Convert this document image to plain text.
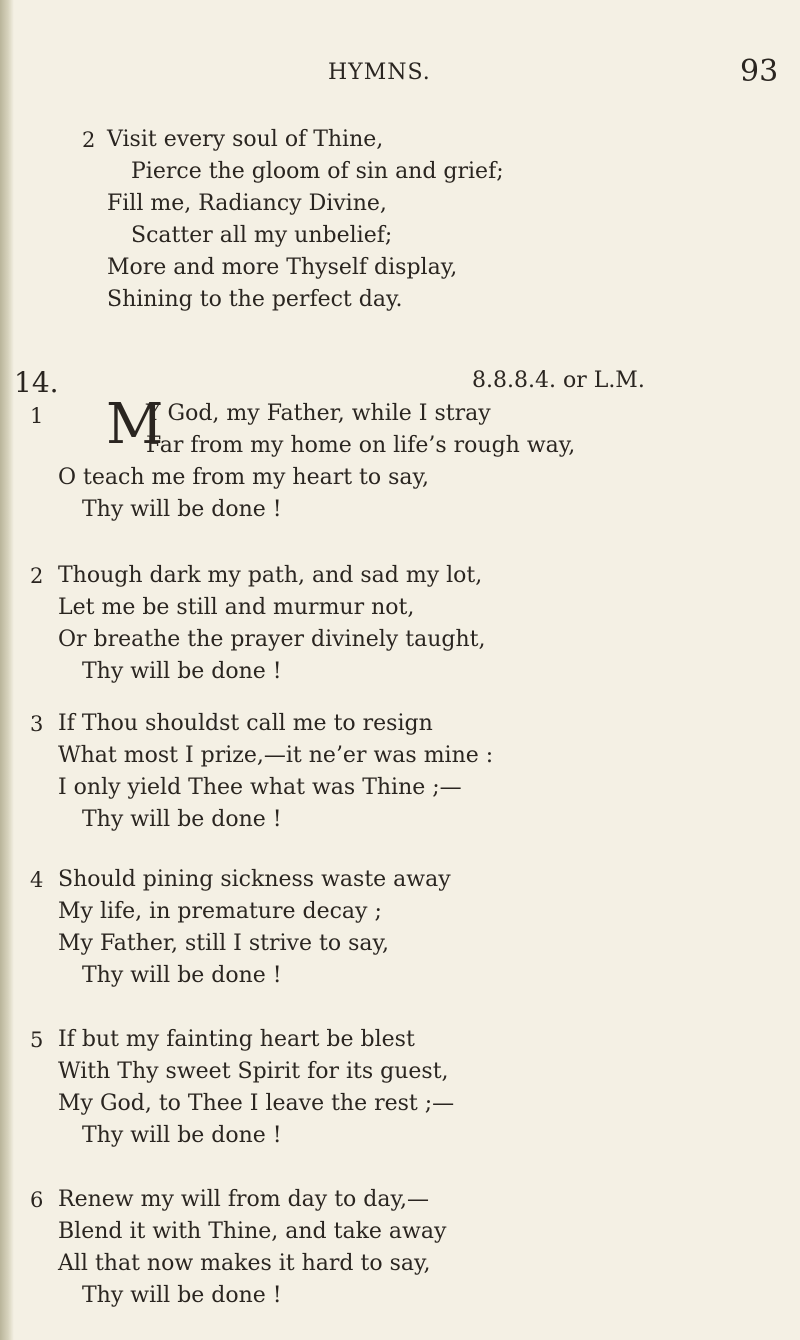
HYMNS.	93
2 Visit every soul of Thine,
Pierce the gloom of sin and grief;
Fill me, Radiancy Divine,
Scatter all my unbelief;
More and more Thyself display,
Shining to the perfect day.
14.	8.8.8.4. or L.M.
1 M
Y God, my Father, while I stray
Far from my home on life’s rough way,
O teach me from my heart to say,
Thy will be done !
2 Though dark my path, and sad my lot,
Let me be still and murmur not,
Or breathe the prayer divinely taught,
Thy will be done !
3 If Thou shouldst call me to resign
What most I prize,—it ne’er was mine :
I only yield Thee what was Thine ;—
Thy will be done !
4 Should pining sickness waste away
My life, in premature decay ;
My Father, still I strive to say,
Thy will be done !
5 If but my fainting heart be blest
With Thy sweet Spirit for its guest,
My God, to Thee I leave the rest ;—
Thy will be done !
6 Renew my will from day to day,—
Blend it with Thine, and take away
All that now makes it hard to say,
Thy will be done !
